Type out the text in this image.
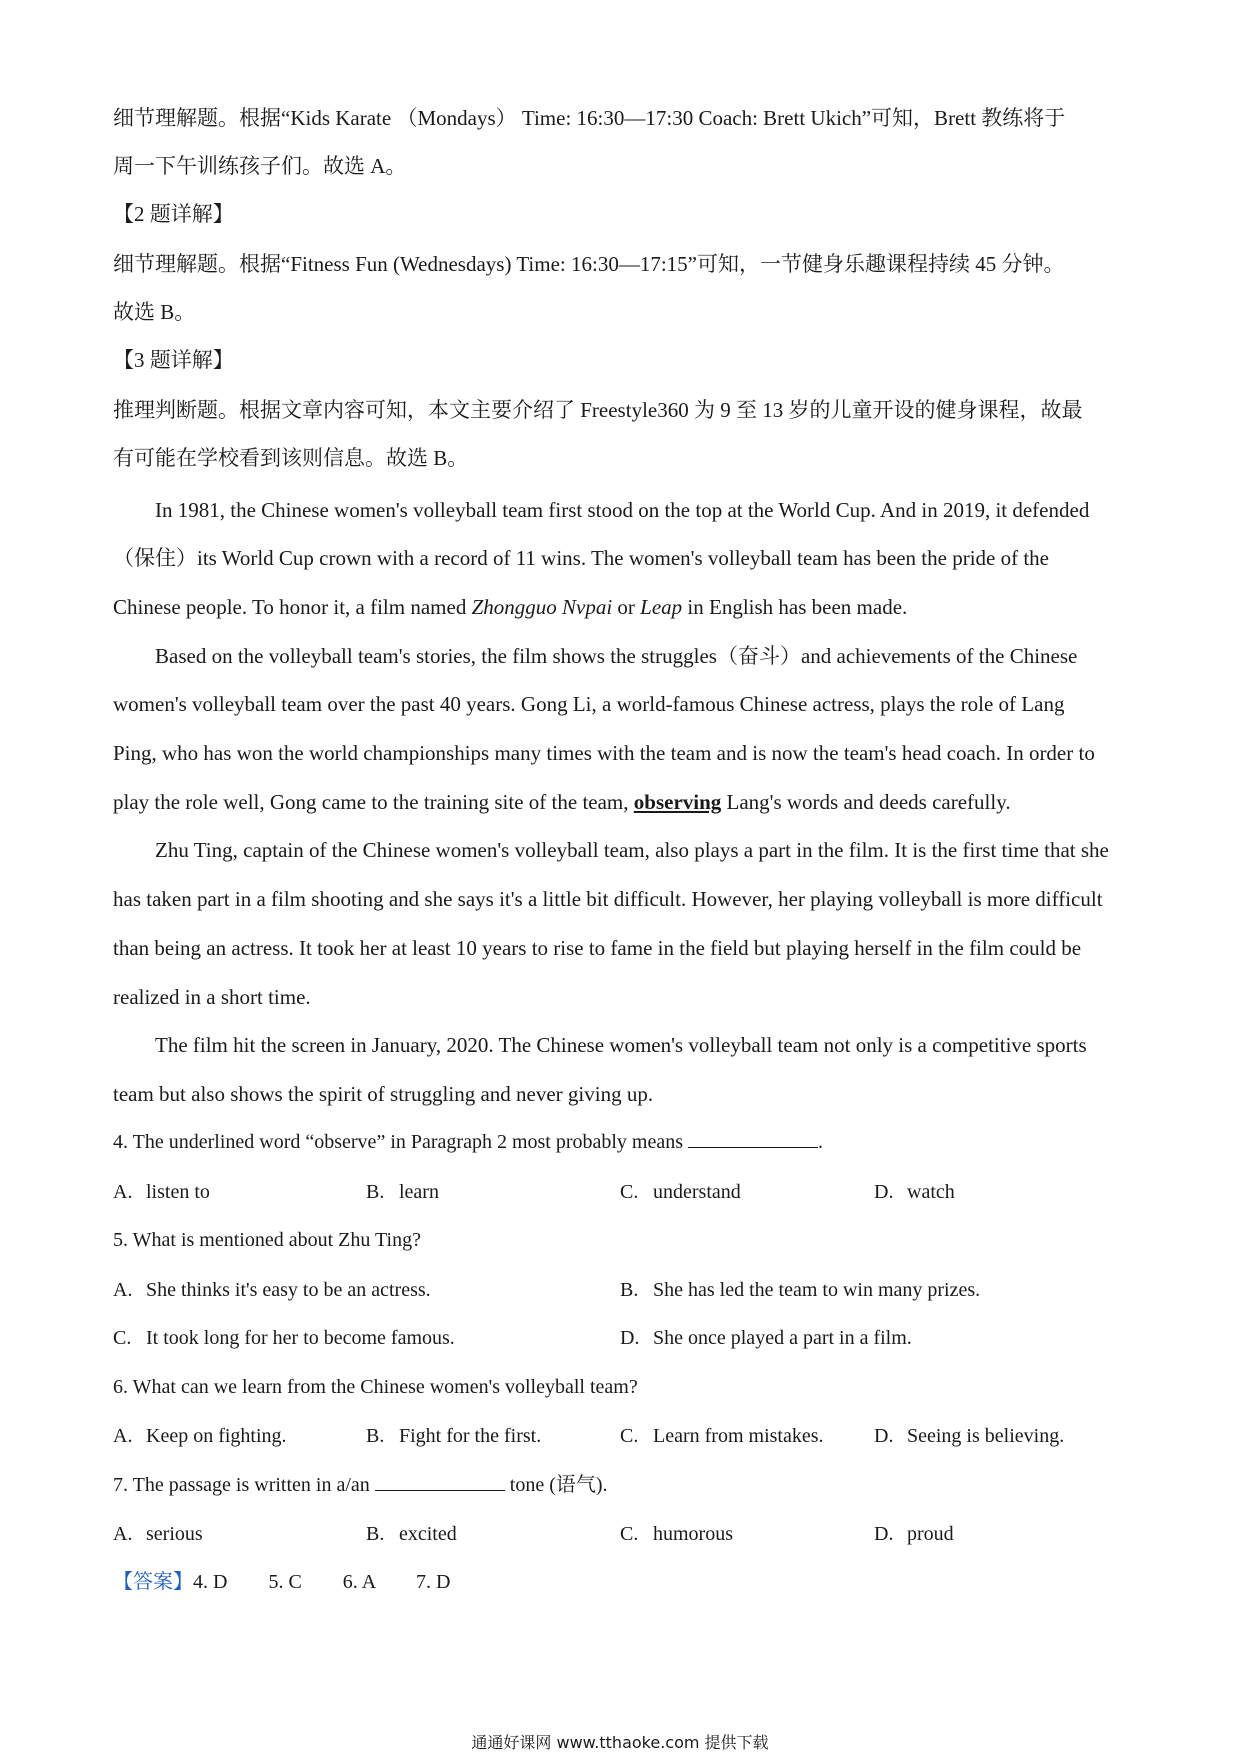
细节理解题。根据“Kids Karate （Mondays） Time: 16:30—17:30 Coach: Brett Ukich”可知，Brett 教练将于
周一下午训练孩子们。故选 A。
【2 题详解】
细节理解题。根据“Fitness Fun (Wednesdays) Time: 16:30—17:15”可知，一节健身乐趣课程持续 45 分钟。
故选 B。
【3 题详解】
推理判断题。根据文章内容可知，本文主要介绍了 Freestyle360 为 9 至 13 岁的儿童开设的健身课程，故最
有可能在学校看到该则信息。故选 B。
In 1981, the Chinese women's volleyball team first stood on the top at the World Cup. And in 2019, it defended
（保住）its World Cup crown with a record of 11 wins. The women's volleyball team has been the pride of the
Chinese people. To honor it, a film named Zhongguo Nvpai or Leap in English has been made.
Based on the volleyball team's stories, the film shows the struggles（奋斗）and achievements of the Chinese
women's volleyball team over the past 40 years. Gong Li, a world-famous Chinese actress, plays the role of Lang
Ping, who has won the world championships many times with the team and is now the team's head coach. In order to
play the role well, Gong came to the training site of the team, observing Lang's words and deeds carefully.
Zhu Ting, captain of the Chinese women's volleyball team, also plays a part in the film. It is the first time that she
has taken part in a film shooting and she says it's a little bit difficult. However, her playing volleyball is more difficult
than being an actress. It took her at least 10 years to rise to fame in the field but playing herself in the film could be
realized in a short time.
The film hit the screen in January, 2020. The Chinese women's volleyball team not only is a competitive sports
team but also shows the spirit of struggling and never giving up.
4. The underlined word “observe” in Paragraph 2 most probably means	.
A. listen to	B. learn	C. understand	D. watch
5. What is mentioned about Zhu Ting?
A. She thinks it's easy to be an actress.	B. She has led the team to win many prizes.
C. It took long for her to become famous.	D. She once played a part in a film.
6. What can we learn from the Chinese women's volleyball team?
A. Keep on fighting.	B. Fight for the first.	C. Learn from mistakes.	D. Seeing is believing.
7. The passage is written in a/an	tone (语气).
A. serious	B. excited	C. humorous	D. proud
【答案】4. D 5. C 6. A 7. D
通通好课网 www.tthaoke.com 提供下载
